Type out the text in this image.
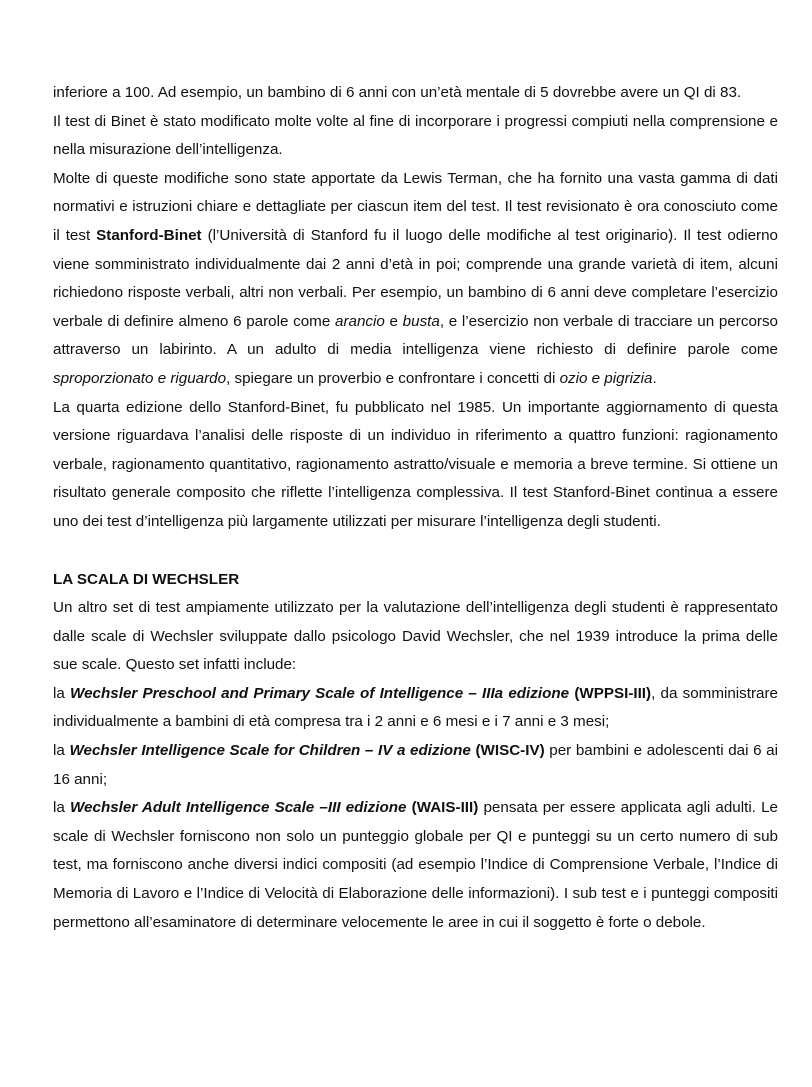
inferiore a 100. Ad esempio, un bambino di 6 anni con un’età mentale di 5 dovrebbe avere un QI di 83.

Il test di Binet è stato modificato molte volte al fine di incorporare i progressi compiuti nella comprensione e nella misurazione dell’intelligenza.

Molte di queste modifiche sono state apportate da Lewis Terman, che ha fornito una vasta gamma di dati normativi e istruzioni chiare e dettagliate per ciascun item del test. Il test revisionato è ora conosciuto come il test Stanford-Binet (l’Università di Stanford fu il luogo delle modifiche al test originario). Il test odierno viene somministrato individualmente dai 2 anni d’età in poi; comprende una grande varietà di item, alcuni richiedono risposte verbali, altri non verbali. Per esempio, un bambino di 6 anni deve completare l’esercizio verbale di definire almeno 6 parole come arancio e busta, e l’esercizio non verbale di tracciare un percorso attraverso un labirinto. A un adulto di media intelligenza viene richiesto di definire parole come sproporzionato e riguardo, spiegare un proverbio e confrontare i concetti di ozio e pigrizia.

La quarta edizione dello Stanford-Binet, fu pubblicato nel 1985. Un importante aggiornamento di questa versione riguardava l’analisi delle risposte di un individuo in riferimento a quattro funzioni: ragionamento verbale, ragionamento quantitativo, ragionamento astratto/visuale e memoria a breve termine. Si ottiene un risultato generale composito che riflette l’intelligenza complessiva. Il test Stanford-Binet continua a essere uno dei test d’intelligenza più largamente utilizzati per misurare l’intelligenza degli studenti.

LA SCALA DI WECHSLER

Un altro set di test ampiamente utilizzato per la valutazione dell’intelligenza degli studenti è rappresentato dalle scale di Wechsler sviluppate dallo psicologo David Wechsler, che nel 1939 introduce la prima delle sue scale. Questo set infatti include:

la Wechsler Preschool and Primary Scale of Intelligence – IIIa edizione (WPPSI-III), da somministrare individualmente a bambini di età compresa tra i 2 anni e 6 mesi e i 7 anni e 3 mesi;

la Wechsler Intelligence Scale for Children – IV a edizione (WISC-IV) per bambini e adolescenti dai 6 ai 16 anni;

la Wechsler Adult Intelligence Scale –III edizione (WAIS-III) pensata per essere applicata agli adulti. Le scale di Wechsler forniscono non solo un punteggio globale per QI e punteggi su un certo numero di sub test, ma forniscono anche diversi indici compositi (ad esempio l’Indice di Comprensione Verbale, l’Indice di Memoria di Lavoro e l’Indice di Velocità di Elaborazione delle informazioni). I sub test e i punteggi compositi permettono all’esaminatore di determinare velocemente le aree in cui il soggetto è forte o debole.
